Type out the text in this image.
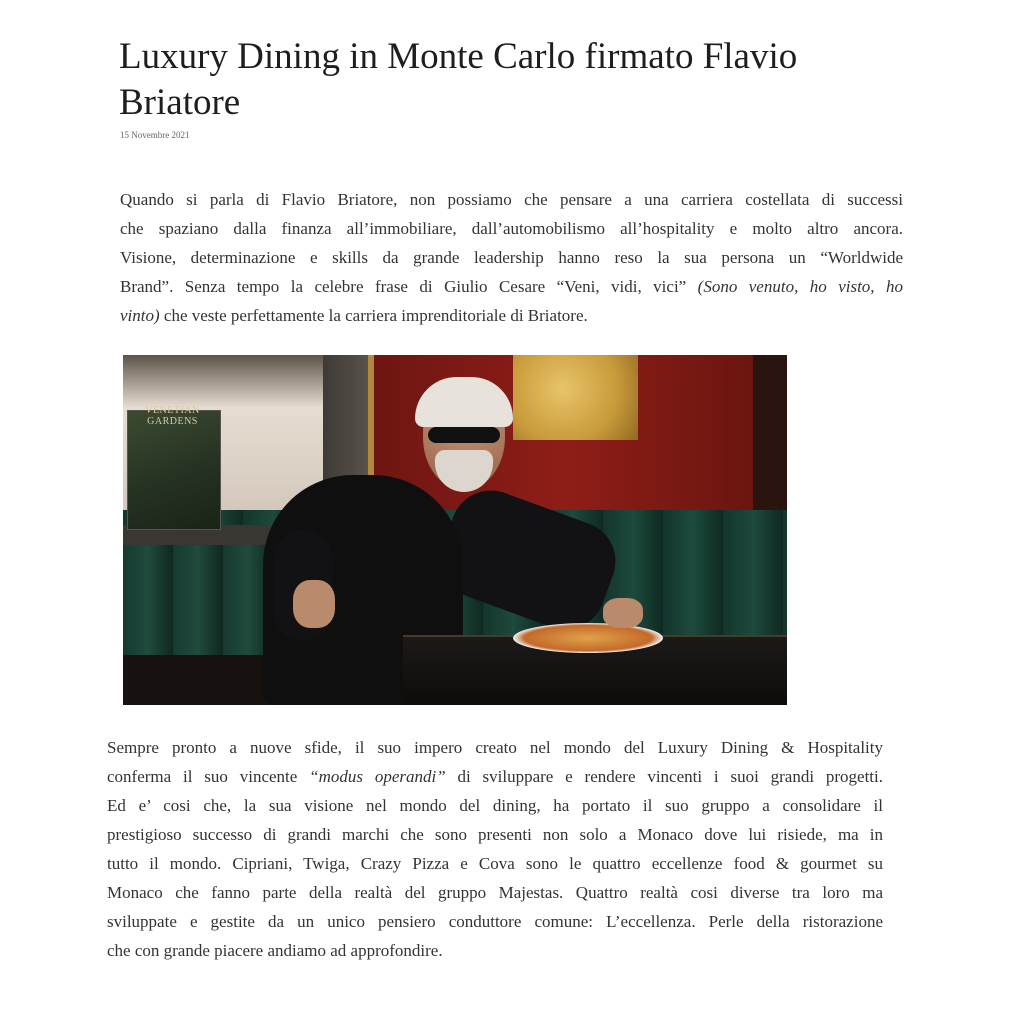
Luxury Dining in Monte Carlo firmato Flavio Briatore
15 Novembre 2021
Quando si parla di Flavio Briatore, non possiamo che pensare a una carriera costellata di successi
che spaziano dalla finanza all’immobiliare, dall’automobilismo all’hospitality e molto altro ancora.
Visione, determinazione e skills da grande leadership hanno reso la sua persona un “Worldwide
Brand”. Senza tempo la celebre frase di Giulio Cesare “Veni, vidi, vici” (Sono venuto, ho visto, ho
vinto) che veste perfettamente la carriera imprenditoriale di Briatore.
VENETIAN GARDENS
Sempre pronto a nuove sfide, il suo impero creato nel mondo del Luxury Dining & Hospitality
conferma il suo vincente “modus operandi” di sviluppare e rendere vincenti i suoi grandi progetti.
Ed e’ cosi che, la sua visione nel mondo del dining, ha portato il suo gruppo a consolidare il
prestigioso successo di grandi marchi che sono presenti non solo a Monaco dove lui risiede, ma in
tutto il mondo. Cipriani, Twiga, Crazy Pizza e Cova sono le quattro eccellenze food & gourmet su
Monaco che fanno parte della realtà del gruppo Majestas. Quattro realtà cosi diverse tra loro ma
sviluppate e gestite da un unico pensiero conduttore comune: L’eccellenza. Perle della ristorazione
che con grande piacere andiamo ad approfondire.
